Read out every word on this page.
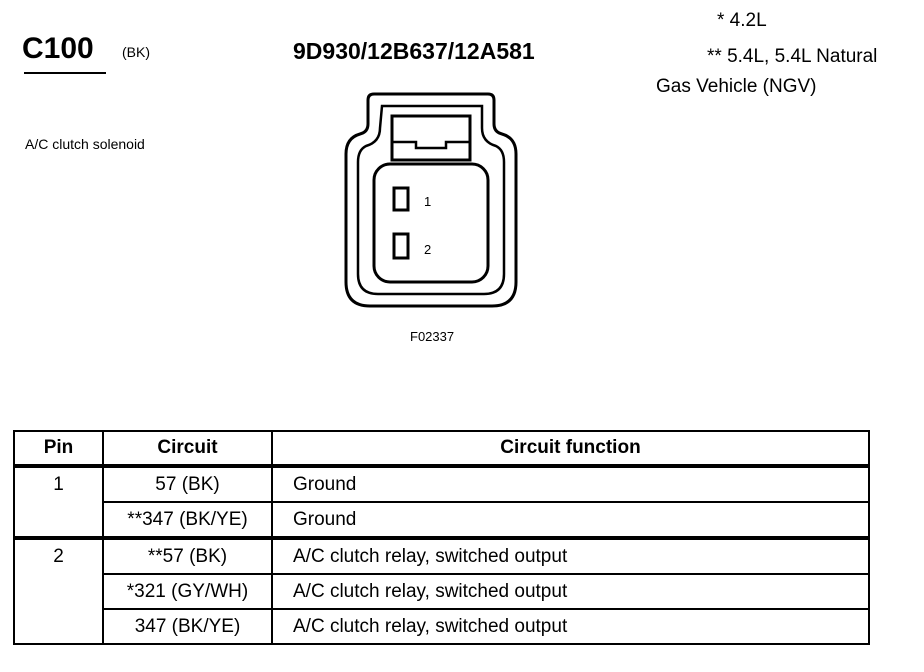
C100 (BK)	9D930/12B637/12A581
* 4.2L
** 5.4L, 5.4L Natural
Gas Vehicle (NGV)
A/C clutch solenoid
1
2
F02337
Pin	Circuit	Circuit function
1	57 (BK)	Ground
	**347 (BK/YE)	Ground
2	**57 (BK)	A/C clutch relay, switched output
	*321 (GY/WH)	A/C clutch relay, switched output
	347 (BK/YE)	A/C clutch relay, switched output
